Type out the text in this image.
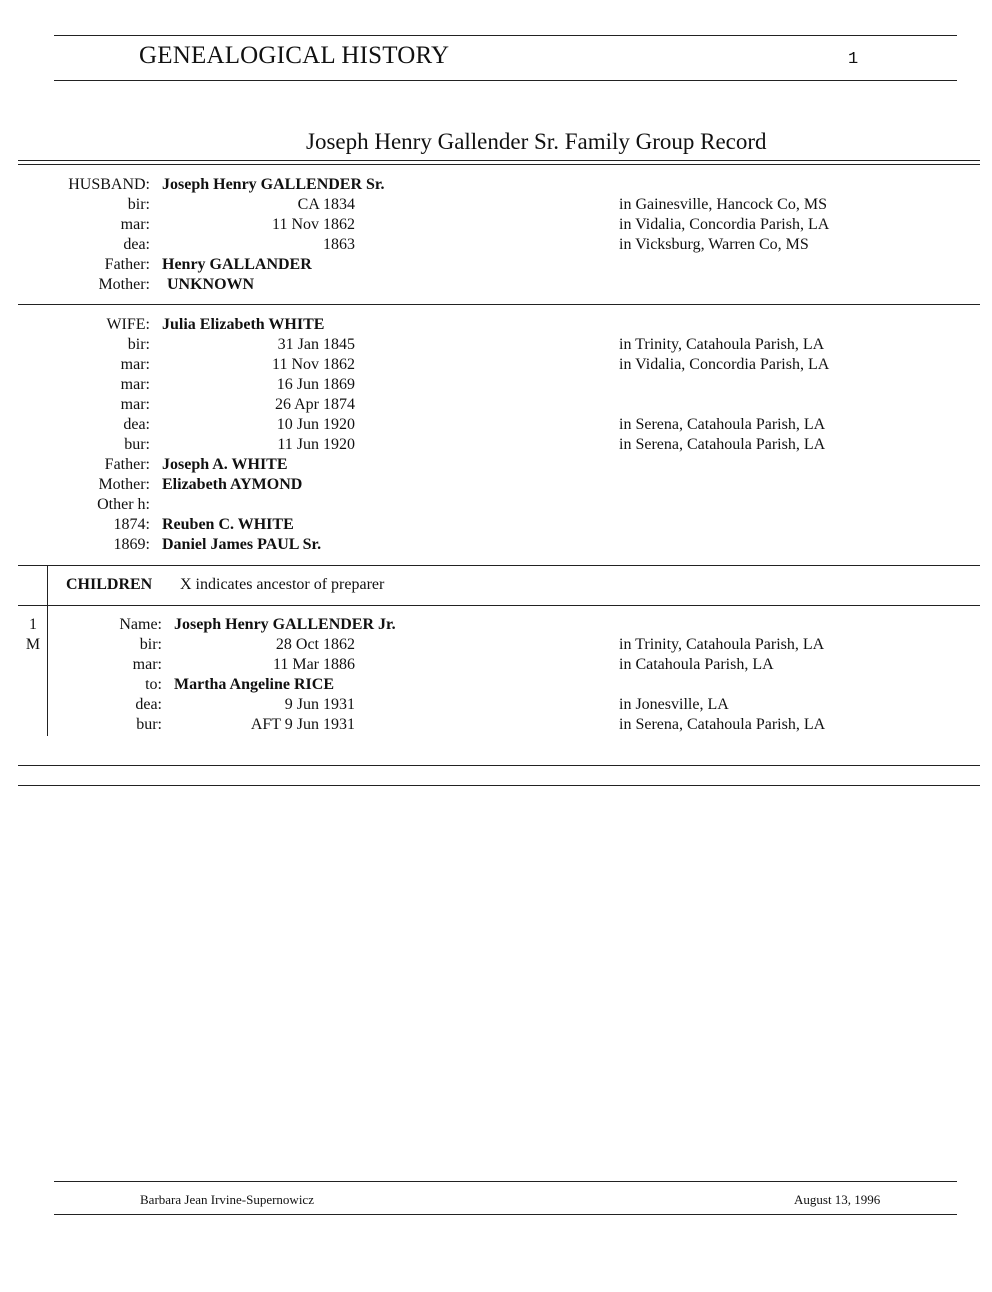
GENEALOGICAL HISTORY	1
Joseph Henry Gallender Sr. Family Group Record
HUSBAND: Joseph Henry GALLENDER Sr.
bir:	CA 1834	in Gainesville, Hancock Co, MS
mar:	11 Nov 1862	in Vidalia, Concordia Parish, LA
dea:	1863	in Vicksburg, Warren Co, MS
Father: Henry GALLANDER
Mother: UNKNOWN
WIFE: Julia Elizabeth WHITE
bir:	31 Jan 1845	in Trinity, Catahoula Parish, LA
mar:	11 Nov 1862	in Vidalia, Concordia Parish, LA
mar:	16 Jun 1869
mar:	26 Apr 1874
dea:	10 Jun 1920	in Serena, Catahoula Parish, LA
bur:	11 Jun 1920	in Serena, Catahoula Parish, LA
Father: Joseph A. WHITE
Mother: Elizabeth AYMOND
Other h:
1874: Reuben C. WHITE
1869: Daniel James PAUL Sr.
CHILDREN X indicates ancestor of preparer
1	Name: Joseph Henry GALLENDER Jr.
M	bir:	28 Oct 1862	in Trinity, Catahoula Parish, LA
mar:	11 Mar 1886	in Catahoula Parish, LA
to: Martha Angeline RICE
dea:	9 Jun 1931	in Jonesville, LA
bur:	AFT 9 Jun 1931	in Serena, Catahoula Parish, LA
Barbara Jean Irvine-Supernowicz	August 13, 1996
